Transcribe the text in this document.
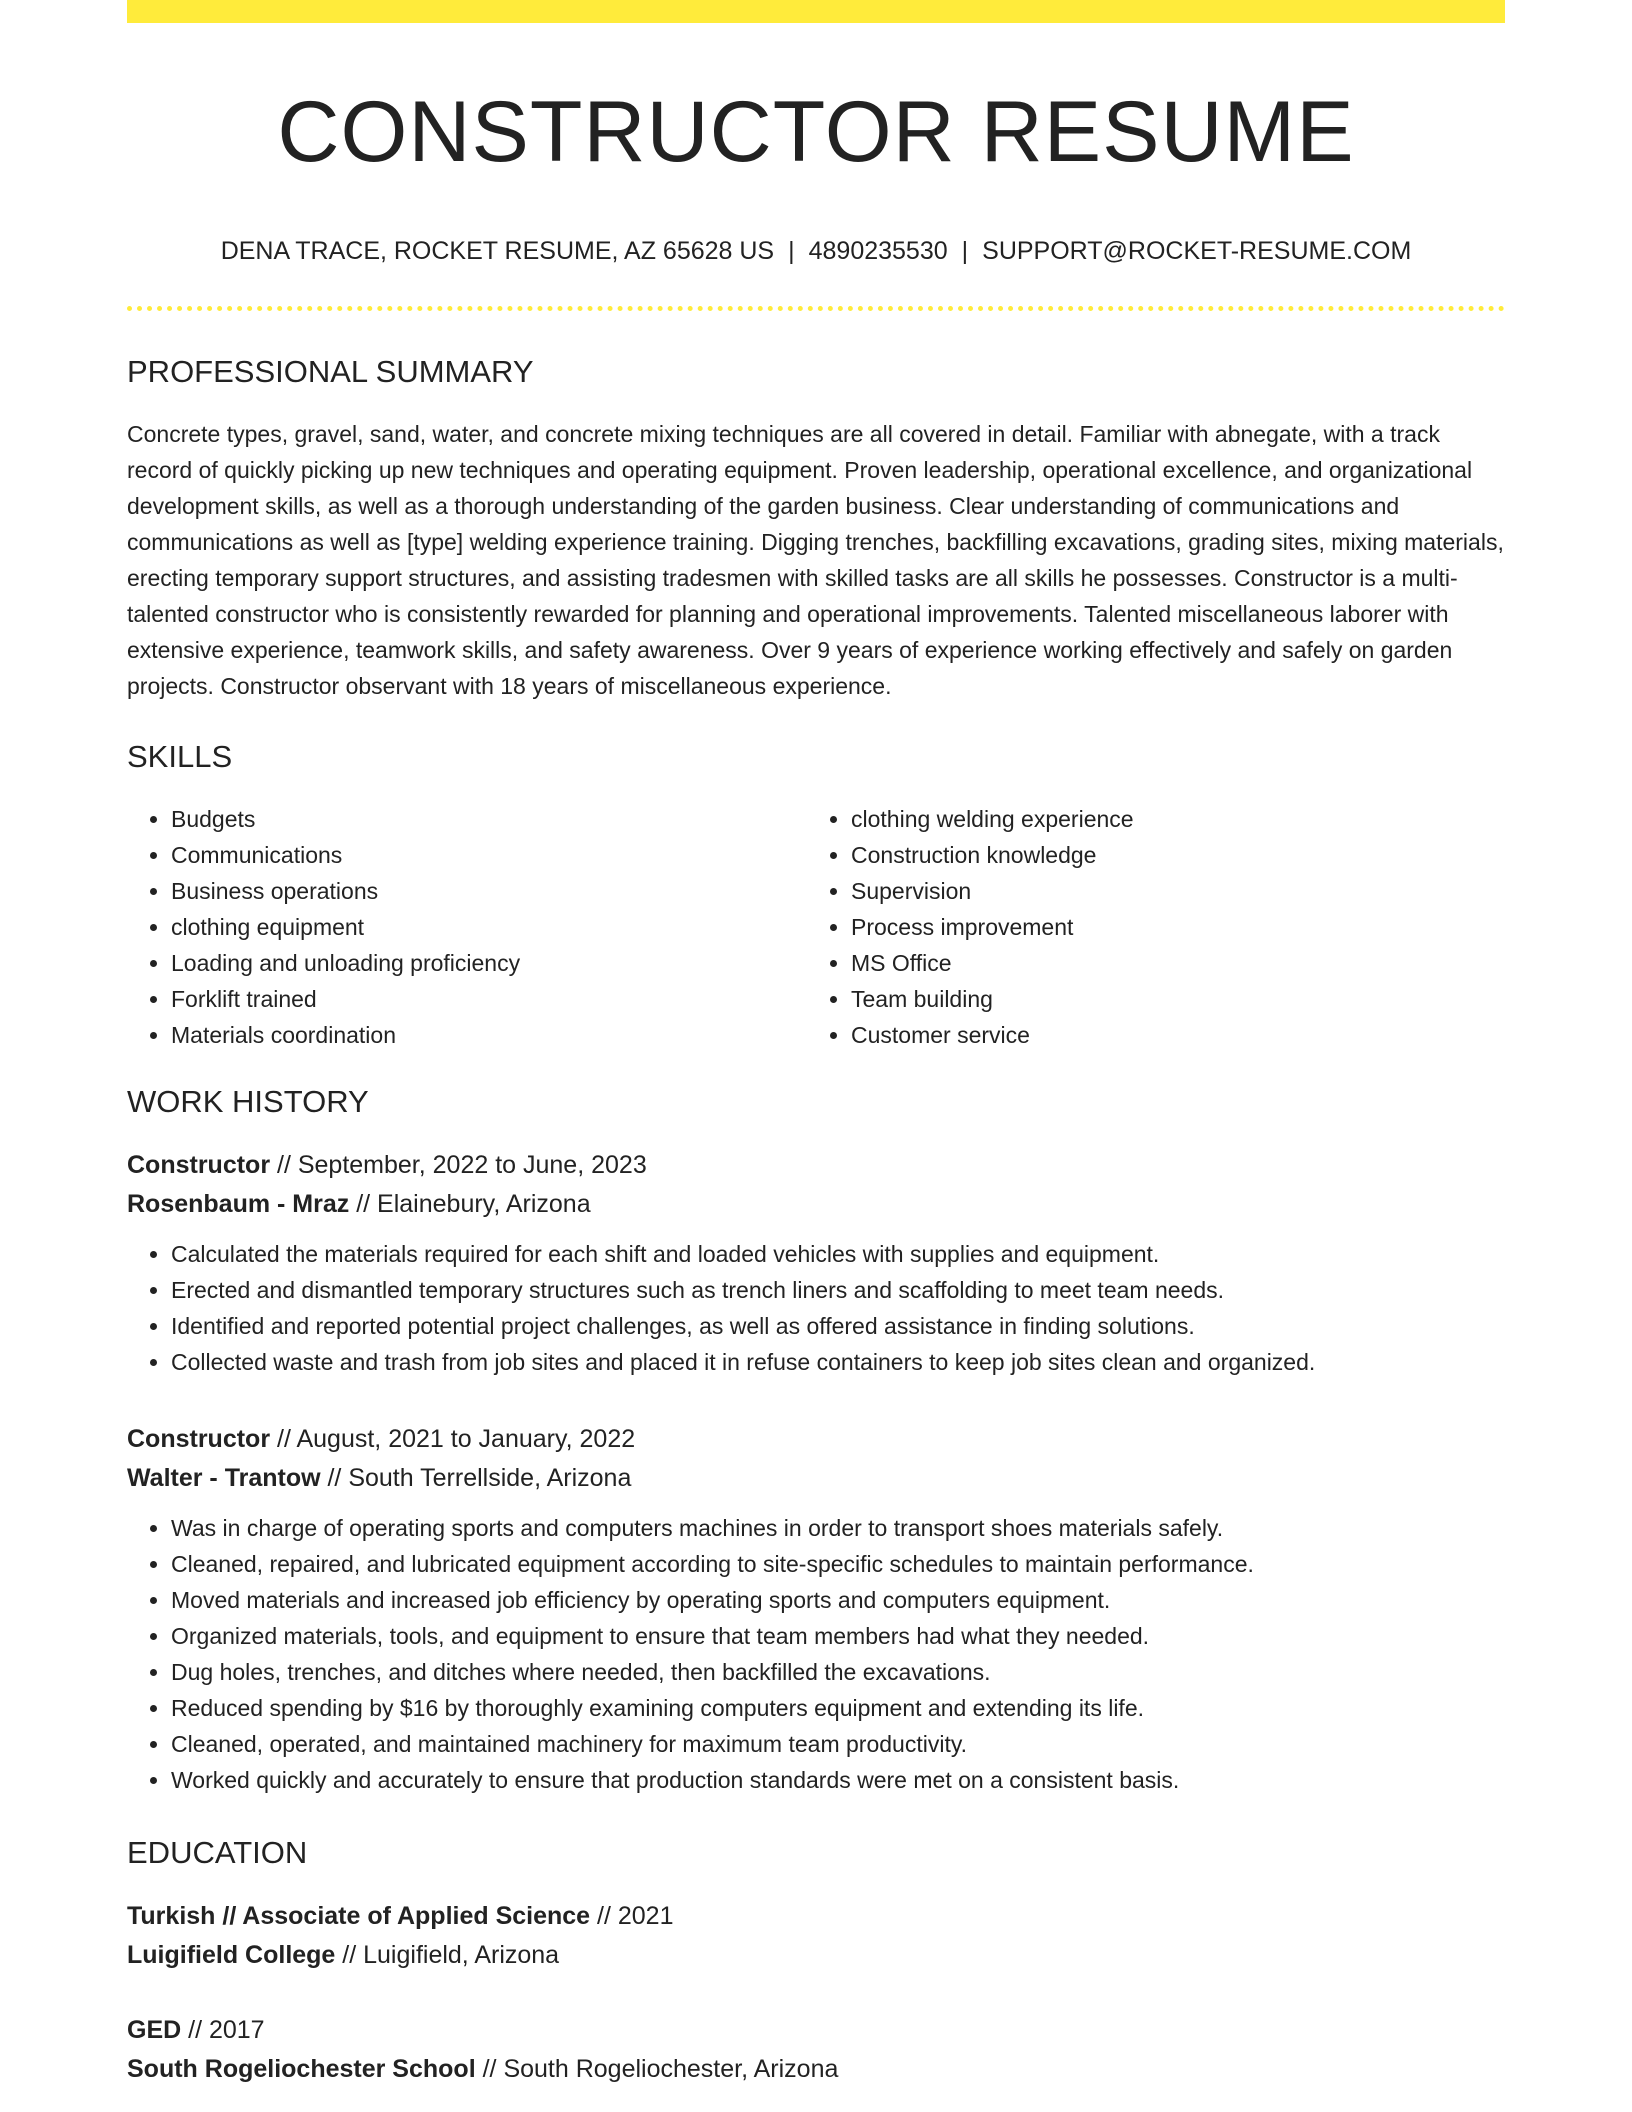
CONSTRUCTOR RESUME
DENA TRACE, ROCKET RESUME, AZ 65628 US | 4890235530 | SUPPORT@ROCKET-RESUME.COM
PROFESSIONAL SUMMARY

Concrete types, gravel, sand, water, and concrete mixing techniques are all covered in detail. Familiar with abnegate, with a track record of quickly picking up new techniques and operating equipment. Proven leadership, operational excellence, and organizational development skills, as well as a thorough understanding of the garden business. Clear understanding of communications and communications as well as [type] welding experience training. Digging trenches, backfilling excavations, grading sites, mixing materials, erecting temporary support structures, and assisting tradesmen with skilled tasks are all skills he possesses. Constructor is a multi-talented constructor who is consistently rewarded for planning and operational improvements. Talented miscellaneous laborer with extensive experience, teamwork skills, and safety awareness. Over 9 years of experience working effectively and safely on garden projects. Constructor observant with 18 years of miscellaneous experience.

SKILLS
• Budgets
• Communications
• Business operations
• clothing equipment
• Loading and unloading proficiency
• Forklift trained
• Materials coordination
• clothing welding experience
• Construction knowledge
• Supervision
• Process improvement
• MS Office
• Team building
• Customer service
WORK HISTORY
Constructor // September, 2022 to June, 2023
Rosenbaum - Mraz // Elainebury, Arizona
• Calculated the materials required for each shift and loaded vehicles with supplies and equipment.
• Erected and dismantled temporary structures such as trench liners and scaffolding to meet team needs.
• Identified and reported potential project challenges, as well as offered assistance in finding solutions.
• Collected waste and trash from job sites and placed it in refuse containers to keep job sites clean and organized.
Constructor // August, 2021 to January, 2022
Walter - Trantow // South Terrellside, Arizona
• Was in charge of operating sports and computers machines in order to transport shoes materials safely.
• Cleaned, repaired, and lubricated equipment according to site-specific schedules to maintain performance.
• Moved materials and increased job efficiency by operating sports and computers equipment.
• Organized materials, tools, and equipment to ensure that team members had what they needed.
• Dug holes, trenches, and ditches where needed, then backfilled the excavations.
• Reduced spending by $16 by thoroughly examining computers equipment and extending its life.
• Cleaned, operated, and maintained machinery for maximum team productivity.
• Worked quickly and accurately to ensure that production standards were met on a consistent basis.
EDUCATION
Turkish // Associate of Applied Science // 2021
Luigifield College // Luigifield, Arizona
GED // 2017
South Rogeliochester School // South Rogeliochester, Arizona
